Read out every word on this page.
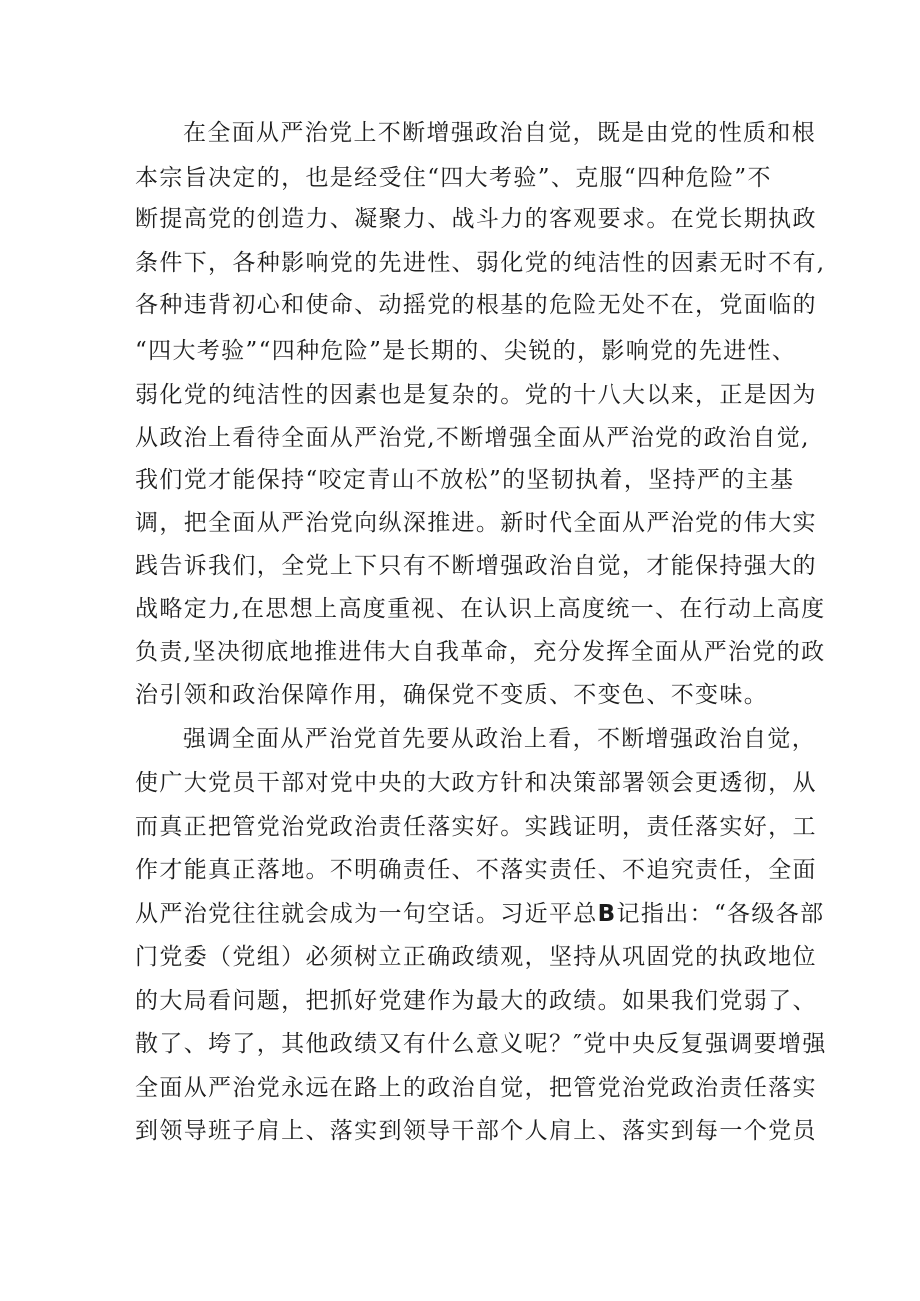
在全面从严治党上不断增强政治自觉，既是由党的性质和根

本宗旨决定的，也是经受住“四大考验”、克服“四种危险”不

断提高党的创造力、凝聚力、战斗力的客观要求。在党长期执政

条件下，各种影响党的先进性、弱化党的纯洁性的因素无时不有,

各种违背初心和使命、动摇党的根基的危险无处不在，党面临的

“四大考验”“四种危险”是长期的、尖锐的，影响党的先进性、

弱化党的纯洁性的因素也是复杂的。党的十八大以来，正是因为

从政治上看待全面从严治党,不断增强全面从严治党的政治自觉,

我们党才能保持“咬定青山不放松”的坚韧执着，坚持严的主基

调，把全面从严治党向纵深推进。新时代全面从严治党的伟大实

践告诉我们，全党上下只有不断增强政治自觉，才能保持强大的

战略定力,在思想上高度重视、在认识上高度统一、在行动上高度

负责,坚决彻底地推进伟大自我革命，充分发挥全面从严治党的政

治引领和政治保障作用，确保党不变质、不变色、不变味。

强调全面从严治党首先要从政治上看，不断增强政治自觉，

使广大党员干部对党中央的大政方针和决策部署领会更透彻，从

而真正把管党治党政治责任落实好。实践证明，责任落实好，工

作才能真正落地。不明确责任、不落实责任、不追究责任，全面

从严治党往往就会成为一句空话。习近平总B记指出：“各级各部

门党委（党组）必须树立正确政绩观，坚持从巩固党的执政地位

的大局看问题，把抓好党建作为最大的政绩。如果我们党弱了、

散了、垮了，其他政绩又有什么意义呢？″党中央反复强调要增强

全面从严治党永远在路上的政治自觉，把管党治党政治责任落实

到领导班子肩上、落实到领导干部个人肩上、落实到每一个党员
